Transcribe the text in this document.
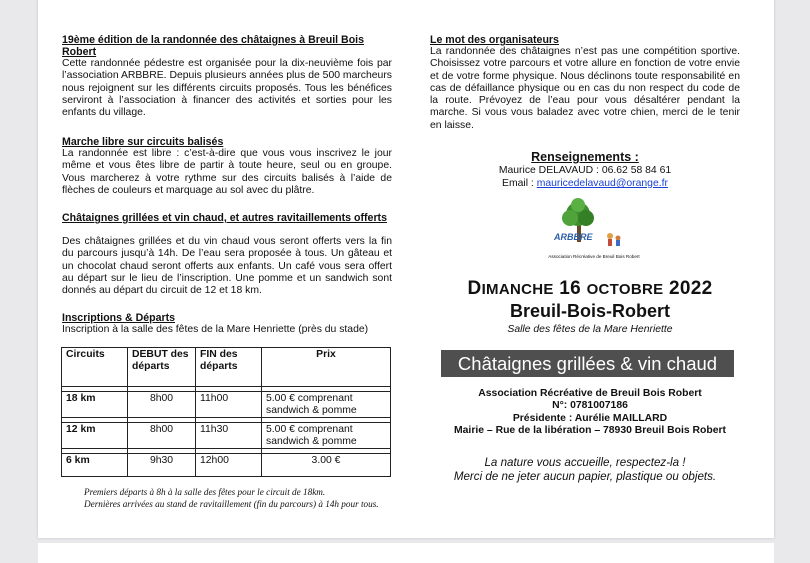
19ème édition de la randonnée des châtaignes à Breuil Bois Robert
Cette randonnée pédestre est organisée pour la dix-neuvième fois par l’association ARBBRE. Depuis plusieurs années plus de 500 marcheurs nous rejoignent sur les différents circuits proposés. Tous les bénéfices serviront à l’association à financer des activités et sorties pour les enfants du village.
Marche libre sur circuits balisés
La randonnée est libre : c’est-à-dire que vous vous inscrivez le jour même et vous êtes libre de partir à toute heure, seul ou en groupe. Vous marcherez à votre rythme sur des circuits balisés à l’aide de flèches de couleurs et marquage au sol avec du plâtre.
Châtaignes grillées et vin chaud, et autres ravitaillements offerts
Des châtaignes grillées et du vin chaud vous seront offerts vers la fin du parcours jusqu’à 14h. De l’eau sera proposée à tous. Un gâteau et un chocolat chaud seront offerts aux enfants. Un café vous sera offert au départ sur le lieu de l’inscription. Une pomme et un sandwich sont donnés au départ du circuit de 12 et 18 km.
Inscriptions & Départs
Inscription à la salle des fêtes de la Mare Henriette (près du stade)
Circuits	DEBUT des départs	FIN des départs	Prix

18 km	8h00	11h00	5.00 € comprenant sandwich & pomme

12 km	8h00	11h30	5.00 € comprenant sandwich & pomme

6 km	9h30	12h00	3.00 €
Premiers départs à 8h à la salle des fêtes pour le circuit de 18km.
Dernières arrivées au stand de ravitaillement (fin du parcours) à 14h pour tous.
Le mot des organisateurs
La randonnée des châtaignes n’est pas une compétition sportive. Choisissez votre parcours et votre allure en fonction de votre envie et de votre forme physique. Nous déclinons toute responsabilité en cas de défaillance physique ou en cas du non respect du code de la route. Prévoyez de l’eau pour vous désaltérer pendant la marche. Si vous vous baladez avec votre chien, merci de le tenir en laisse.
Renseignements :
Maurice DELAVAUD : 06.62 58 84 61
Email : mauricedelavaud@orange.fr
ARBBRE
Association Récréative de Breuil Bois Robert
DIMANCHE 16 OCTOBRE 2022
Breuil-Bois-Robert
Salle des fêtes de la Mare Henriette
Châtaignes grillées & vin chaud
Association Récréative de Breuil Bois Robert
N°: 0781007186
Présidente : Aurélie MAILLARD
Mairie – Rue de la libération – 78930 Breuil Bois Robert
La nature vous accueille, respectez-la !
Merci de ne jeter aucun papier, plastique ou objets.
